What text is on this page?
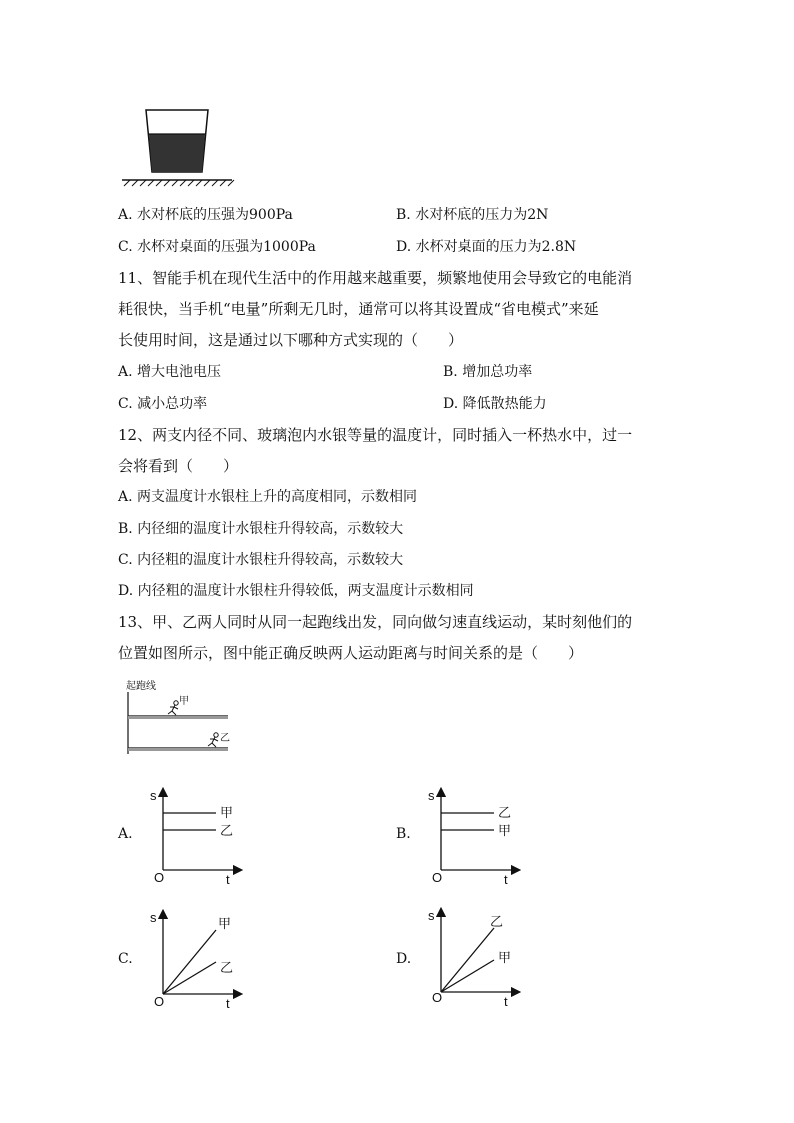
A. 水对杯底的压强为900Pa	B. 水对杯底的压力为2N
C. 水杯对桌面的压强为1000Pa	D. 水杯对桌面的压力为2.8N
11、智能手机在现代生活中的作用越来越重要，频繁地使用会导致它的电能消
耗很快，当手机“电量”所剩无几时，通常可以将其设置成“省电模式”来延
长使用时间，这是通过以下哪种方式实现的（　　）
A. 增大电池电压	B. 增加总功率
C. 减小总功率	D. 降低散热能力
12、两支内径不同、玻璃泡内水银等量的温度计，同时插入一杯热水中，过一
会将看到（　　）
A. 两支温度计水银柱上升的高度相同，示数相同
B. 内径细的温度计水银柱升得较高，示数较大
C. 内径粗的温度计水银柱升得较高，示数较大
D. 内径粗的温度计水银柱升得较低，两支温度计示数相同
13、甲、乙两人同时从同一起跑线出发，同向做匀速直线运动，某时刻他们的
位置如图所示，图中能正确反映两人运动距离与时间关系的是（　　）
起跑线
甲
乙
A.	B.
C.	D.
甲
乙
s
t
O
乙
甲
s
t
O
甲
乙
s
t
O
乙
甲
s
t
O
